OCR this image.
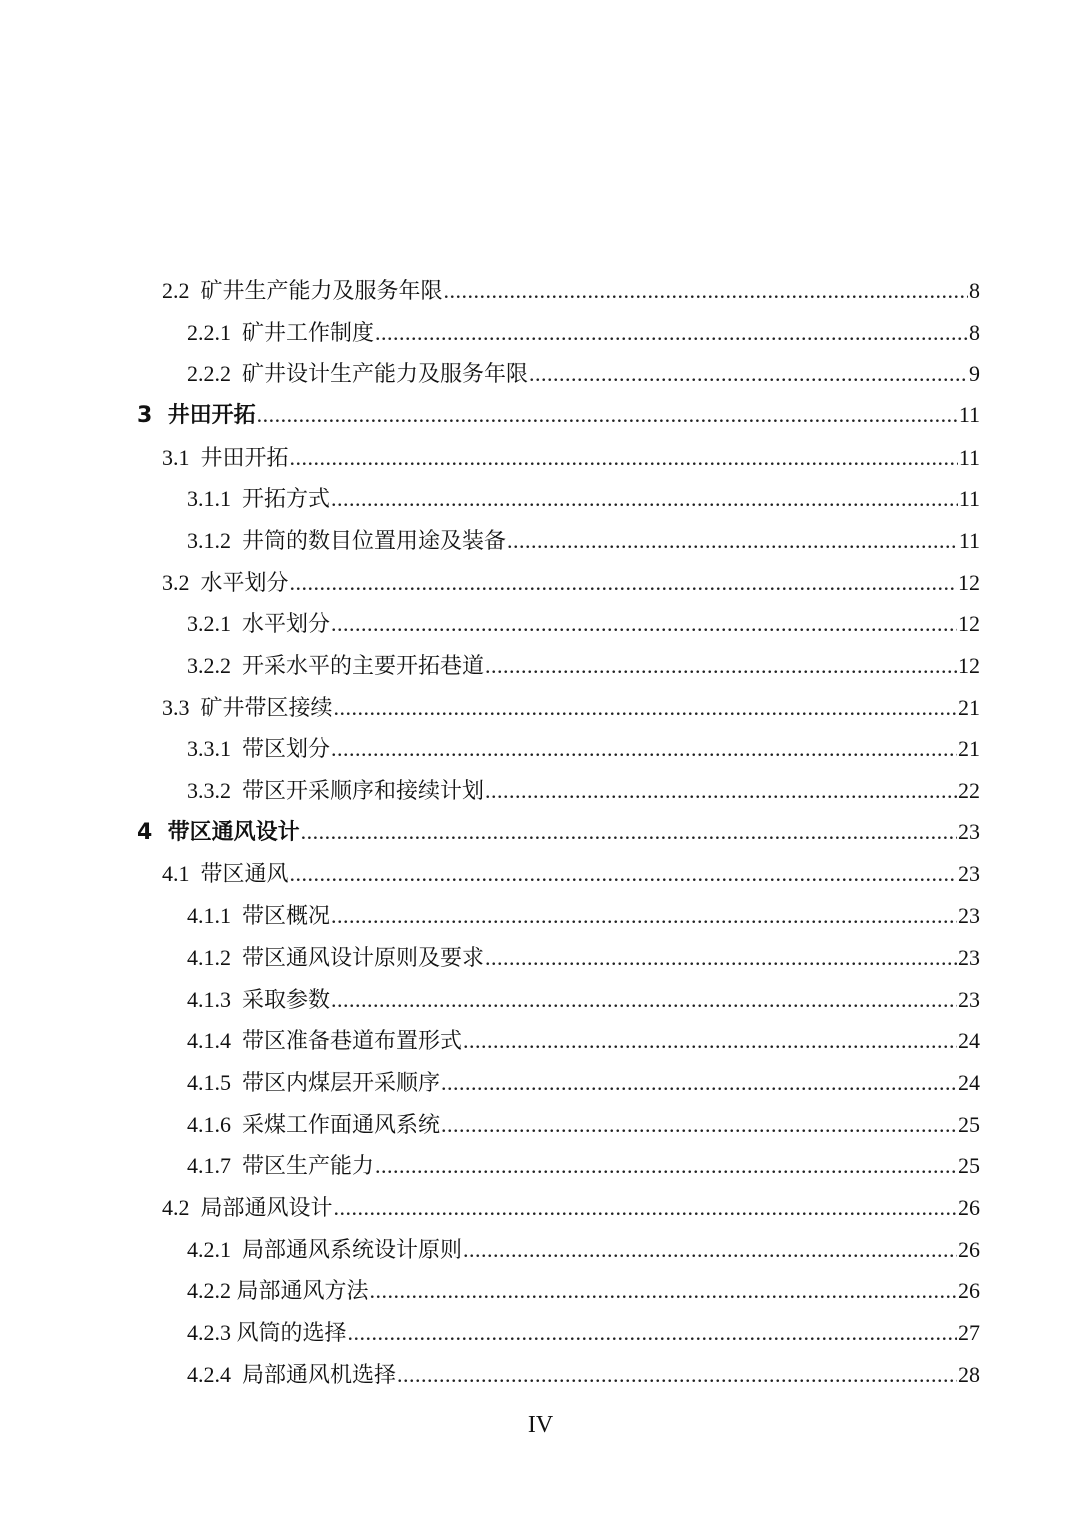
2.2 矿井生产能力及服务年限 .....	8
2.2.1 矿井工作制度 .....	8
2.2.2 矿井设计生产能力及服务年限 .....	9
3 井田开拓 .....	11
3.1 井田开拓 .....	11
3.1.1 开拓方式 .....	11
3.1.2 井筒的数目位置用途及装备 .....	11
3.2 水平划分 .....	12
3.2.1 水平划分 .....	12
3.2.2 开采水平的主要开拓巷道 .....	12
3.3 矿井带区接续 .....	21
3.3.1 带区划分 .....	21
3.3.2 带区开采顺序和接续计划 .....	22
4 带区通风设计 .....	23
4.1 带区通风 .....	23
4.1.1 带区概况 .....	23
4.1.2 带区通风设计原则及要求 .....	23
4.1.3 采取参数 .....	23
4.1.4 带区准备巷道布置形式 .....	24
4.1.5 带区内煤层开采顺序 .....	24
4.1.6 采煤工作面通风系统 .....	25
4.1.7 带区生产能力 .....	25
4.2 局部通风设计 .....	26
4.2.1 局部通风系统设计原则 .....	26
4.2.2 局部通风方法 .....	26
4.2.3 风筒的选择 .....	27
4.2.4 局部通风机选择 .....	28
IV
